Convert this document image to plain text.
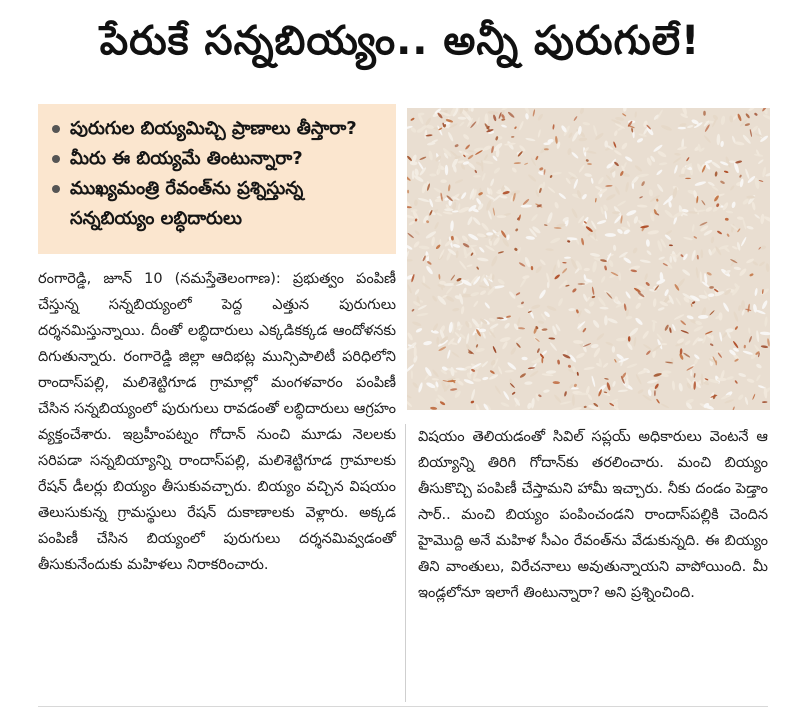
పేరుకే సన్నబియ్యం.. అన్నీ పురుగులే!
పురుగుల బియ్యమిచ్చి ప్రాణాలు తీస్తారా?
మీరు ఈ బియ్యమే తింటున్నారా?
ముఖ్యమంత్రి రేవంత్‌ను ప్రశ్నిస్తున్న సన్నబియ్యం లబ్ధిదారులు
రంగారెడ్డి, జూన్ 10 (నమస్తేతెలంగాణ): ప్రభుత్వం పంపిణీ చేస్తున్న సన్నబియ్యంలో పెద్ద ఎత్తున పురుగులు దర్శనమిస్తున్నాయి. దీంతో లబ్ధిదారులు ఎక్కడికక్కడ ఆందోళనకు దిగుతున్నారు. రంగారెడ్డి జిల్లా ఆదిభట్ల మున్సిపాలిటీ పరిధిలోని రాందాస్‌పల్లి, మలిశెట్టిగూడ గ్రామాల్లో మంగళవారం పంపిణీ చేసిన సన్నబియ్యంలో పురుగులు రావడంతో లబ్ధిదారులు ఆగ్రహం వ్యక్తంచేశారు. ఇబ్రహీంపట్నం గోదాన్ నుంచి మూడు నెలలకు సరిపడా సన్నబియ్యాన్ని రాందాస్‌పల్లి, మలిశెట్టిగూడ గ్రామాలకు రేషన్ డీలర్లు బియ్యం తీసుకువచ్చారు. బియ్యం వచ్చిన విషయం తెలుసుకున్న గ్రామస్థులు రేషన్ దుకాణాలకు వెళ్లారు. అక్కడ పంపిణీ చేసిన బియ్యంలో పురుగులు దర్శనమివ్వడంతో తీసుకునేందుకు మహిళలు నిరాకరించారు.
విషయం తెలియడంతో సివిల్ సప్లయ్ అధికారులు వెంటనే ఆ బియ్యాన్ని తిరిగి గోదాన్‌కు తరలించారు. మంచి బియ్యం తీసుకొచ్చి పంపిణీ చేస్తామని హామీ ఇచ్చారు. నీకు దండం పెడ్తాం సార్.. మంచి బియ్యం పంపించండని రాందాస్‌పల్లికి చెందిన హైమొద్ది అనే మహిళ సీఎం రేవంత్‌ను వేడుకున్నది. ఈ బియ్యం తిని వాంతులు, విరేచనాలు అవుతున్నాయని వాపోయింది. మీ ఇండ్లలోనూ ఇలాగే తింటున్నారా? అని ప్రశ్నించింది.
